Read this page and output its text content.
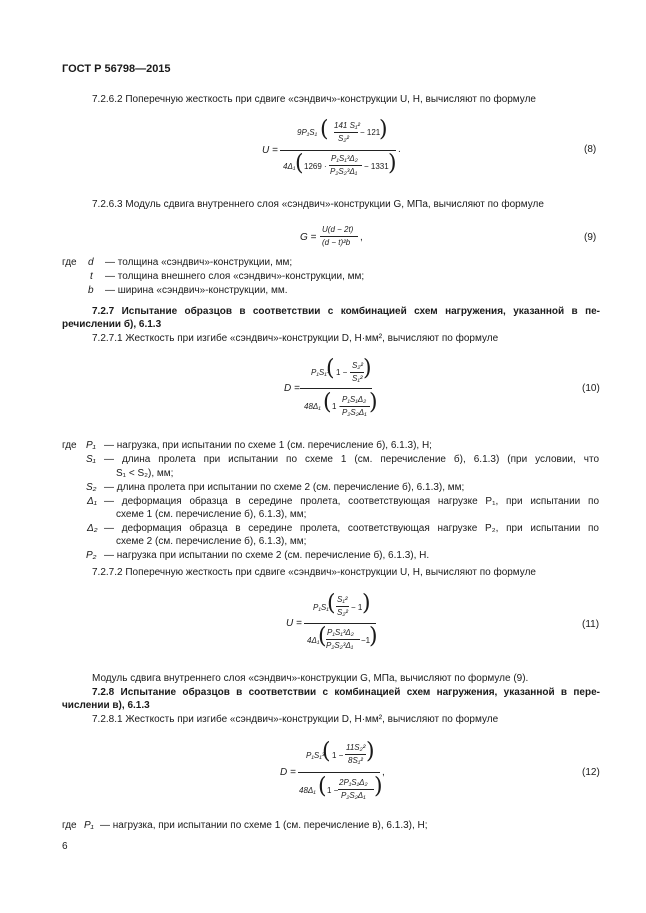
ГОСТ Р 56798—2015
7.2.6.2 Поперечную жесткость при сдвиге «сэндвич»-конструкции U, Н, вычисляют по формуле
U =
9P₁S₁ ( 141 S₁²
S₂²
− 121
)
4Δ₁ ( 1269 ·
P₁S₁³Δ₂
P₂S₂³Δ₁
− 1331 )
.	(8)
7.2.6.3 Модуль сдвига внутреннего слоя «сэндвич»-конструкции G, МПа, вычисляют по формуле
G =
U(d − 2t)
(d − t)²b ,	(9)
где d — толщина «сэндвич»-конструкции, мм;
t — толщина внешнего слоя «сэндвич»-конструкции, мм;
b — ширина «сэндвич»-конструкции, мм.
7.2.7 Испытание образцов в соответствии с комбинацией схем нагружения, указанной в пе-
речислении б), 6.1.3
7.2.7.1 Жесткость при изгибе «сэндвич»-конструкции D, Н·мм², вычисляют по формуле
D =
P₁S₁³
( 1 −
S₂²
S₁² )
48Δ₁ ( 1 −
P₁S₁Δ₂
P₂S₂Δ₁ )
(10)
где P₁ — нагрузка, при испытании по схеме 1 (см. перечисление б), 6.1.3), Н;
S₁ — длина пролета при испытании по схеме 1 (см. перечисление б), 6.1.3) (при условии, что
S₁ < S₂), мм;
S₂ — длина пролета при испытании по схеме 2 (см. перечисление б), 6.1.3), мм;
Δ₁ — деформация образца в середине пролета, соответствующая нагрузке P₁, при испытании по
схеме 1 (см. перечисление б), 6.1.3), мм;
Δ₂ — деформация образца в середине пролета, соответствующая нагрузке P₂, при испытании по
схеме 2 (см. перечисление б), 6.1.3), мм;
P₂ — нагрузка при испытании по схеме 2 (см. перечисление б), 6.1.3), Н.
7.2.7.2 Поперечную жесткость при сдвиге «сэндвич»-конструкции U, Н, вычисляют по формуле
U =
P₁S₁
( S₁²
S₂²
− 1 )
4Δ₁
( P₁S₁³Δ₂
P₂S₂³Δ₁
−1
)	(11)
Модуль сдвига внутреннего слоя «сэндвич»-конструкции G, МПа, вычисляют по формуле (9).
7.2.8 Испытание образцов в соответствии с комбинацией схем нагружения, указанной в пере-
числении в), 6.1.3
7.2.8.1 Жесткость при изгибе «сэндвич»-конструкции D, Н·мм², вычисляют по формуле
D =
P₁S₁³
( 1 −
11S₂²
8S₁² )
48Δ₁ ( 1 −
2P₁S₁Δ₂
P₂S₂Δ₁ )
,	(12)
где P₁ — нагрузка, при испытании по схеме 1 (см. перечисление в), 6.1.3), Н;
6
